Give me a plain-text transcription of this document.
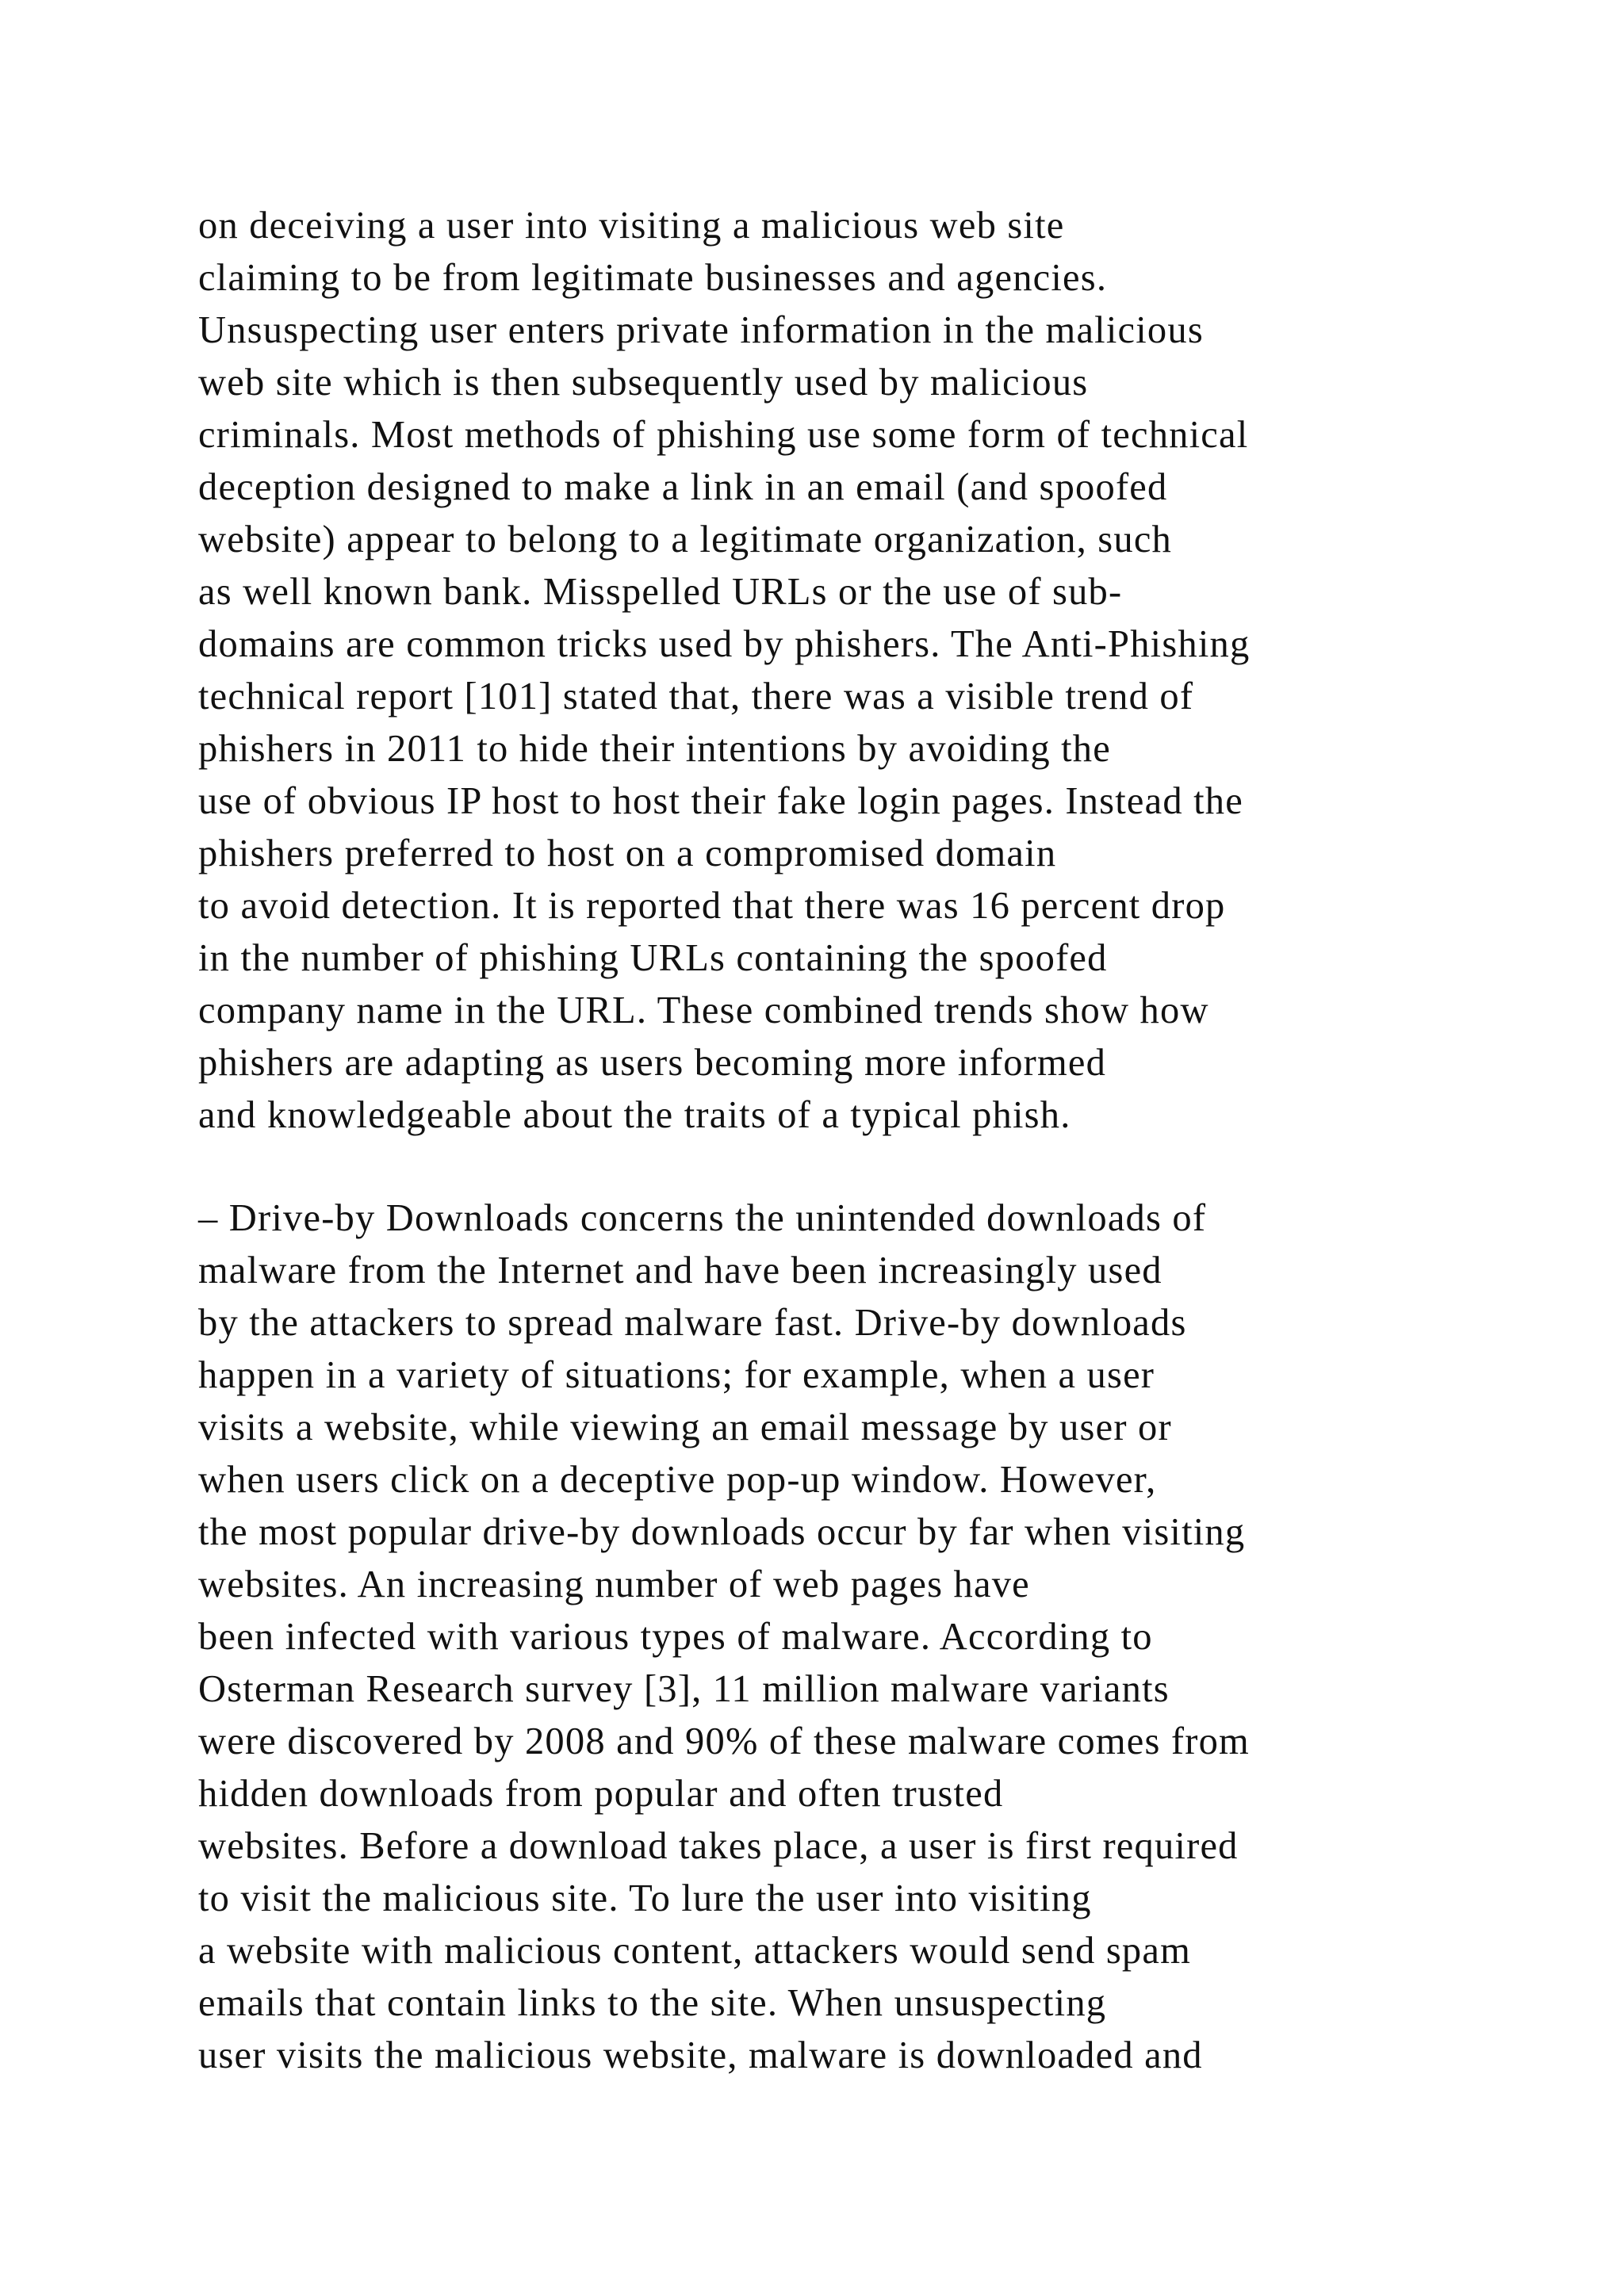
on deceiving a user into visiting a malicious web site
claiming to be from legitimate businesses and agencies.
Unsuspecting user enters private information in the malicious
web site which is then subsequently used by malicious
criminals. Most methods of phishing use some form of technical
deception designed to make a link in an email (and spoofed
website) appear to belong to a legitimate organization, such
as well known bank. Misspelled URLs or the use of sub-
domains are common tricks used by phishers. The Anti-Phishing
technical report [101] stated that, there was a visible trend of
phishers in 2011 to hide their intentions by avoiding the
use of obvious IP host to host their fake login pages. Instead the
phishers preferred to host on a compromised domain
to avoid detection. It is reported that there was 16 percent drop
in the number of phishing URLs containing the spoofed
company name in the URL. These combined trends show how
phishers are adapting as users becoming more informed
and knowledgeable about the traits of a typical phish.
– Drive-by Downloads concerns the unintended downloads of
malware from the Internet and have been increasingly used
by the attackers to spread malware fast. Drive-by downloads
happen in a variety of situations; for example, when a user
visits a website, while viewing an email message by user or
when users click on a deceptive pop-up window. However,
the most popular drive-by downloads occur by far when visiting
websites. An increasing number of web pages have
been infected with various types of malware. According to
Osterman Research survey [3], 11 million malware variants
were discovered by 2008 and 90% of these malware comes from
hidden downloads from popular and often trusted
websites. Before a download takes place, a user is first required
to visit the malicious site. To lure the user into visiting
a website with malicious content, attackers would send spam
emails that contain links to the site. When unsuspecting
user visits the malicious website, malware is downloaded and
